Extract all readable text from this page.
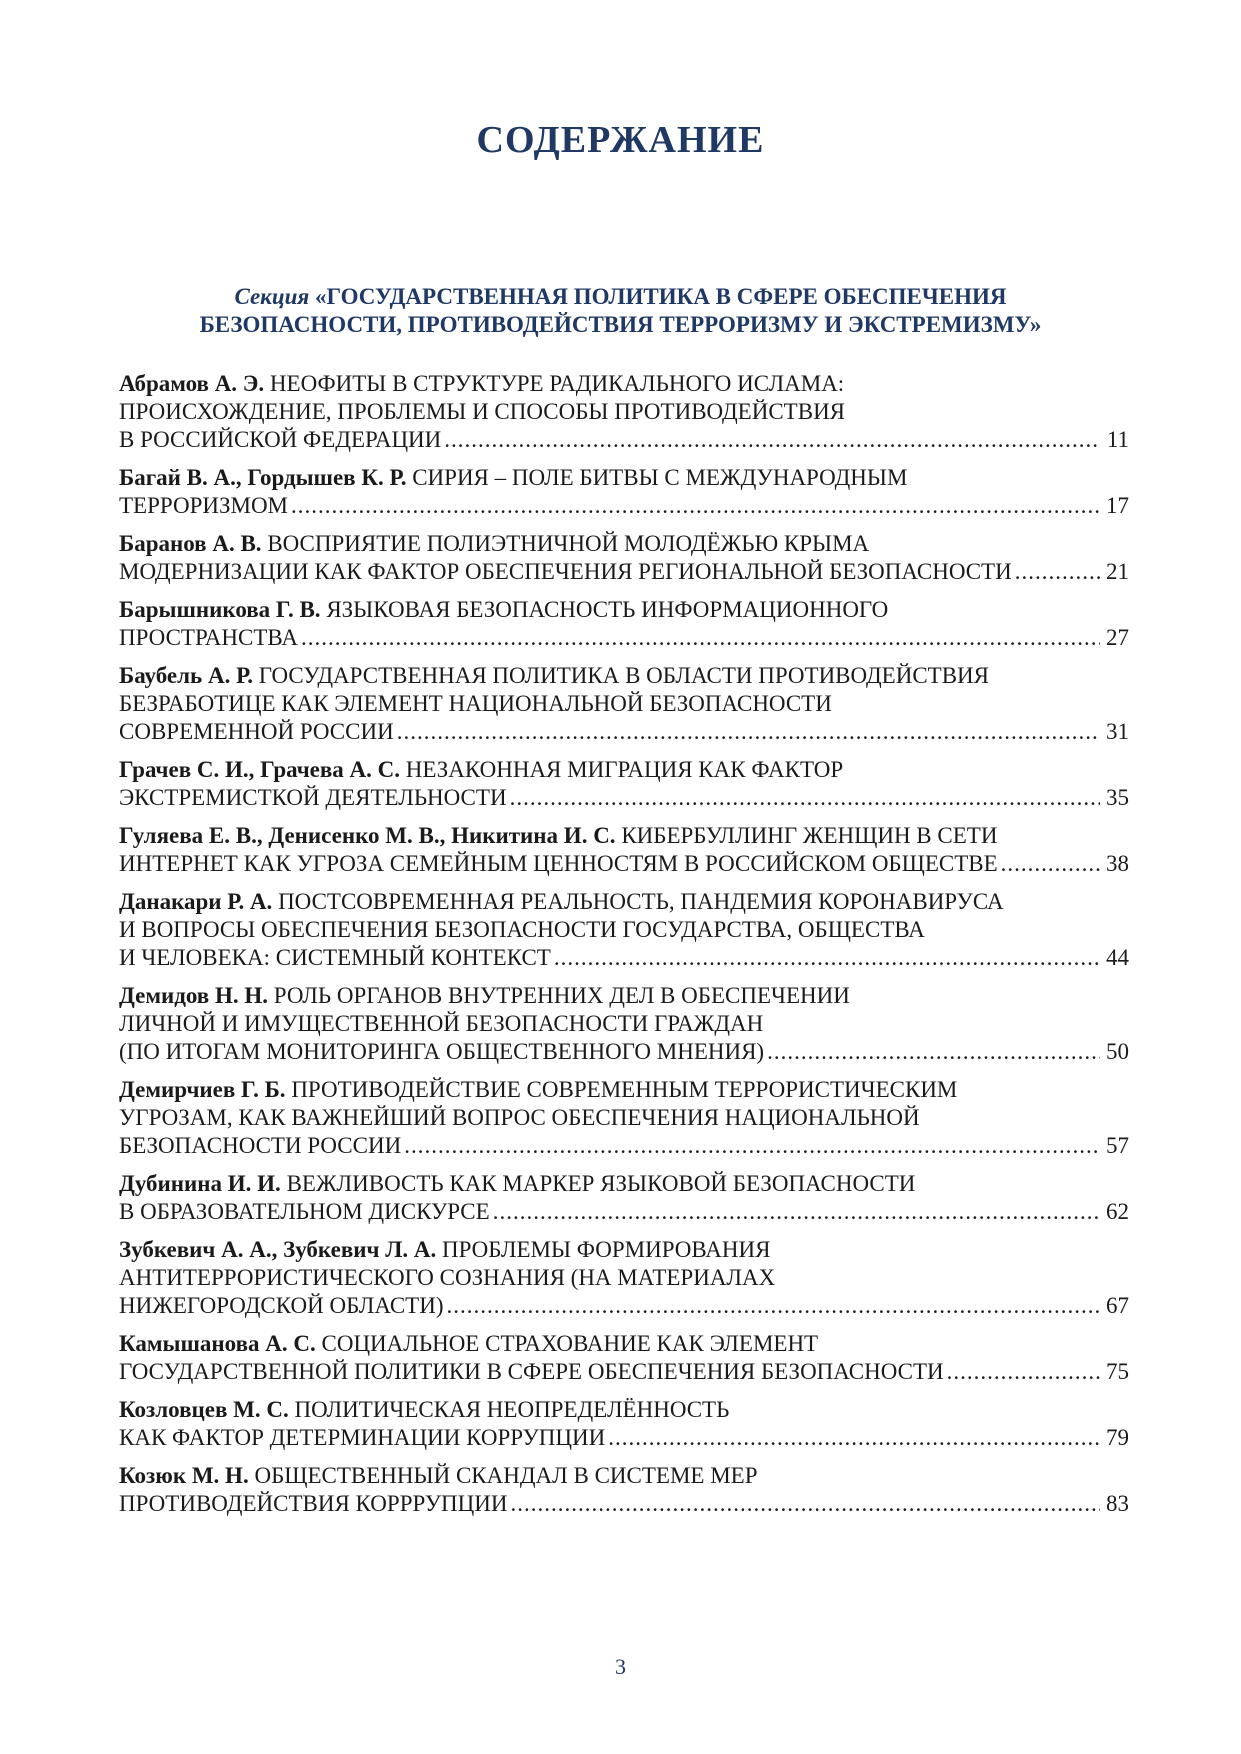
СОДЕРЖАНИЕ
Секция «ГОСУДАРСТВЕННАЯ ПОЛИТИКА В СФЕРЕ ОБЕСПЕЧЕНИЯ
БЕЗОПАСНОСТИ, ПРОТИВОДЕЙСТВИЯ ТЕРРОРИЗМУ И ЭКСТРЕМИЗМУ»
Абрамов А. Э. НЕОФИТЫ В СТРУКТУРЕ РАДИКАЛЬНОГО ИСЛАМА:
ПРОИСХОЖДЕНИЕ, ПРОБЛЕМЫ И СПОСОБЫ ПРОТИВОДЕЙСТВИЯ
В РОССИЙСКОЙ ФЕДЕРАЦИИ .....	11
Багай В. А., Гордышев К. Р. СИРИЯ – ПОЛЕ БИТВЫ С МЕЖДУНАРОДНЫМ
ТЕРРОРИЗМОМ .....	17
Баранов А. В. ВОСПРИЯТИЕ ПОЛИЭТНИЧНОЙ МОЛОДЁЖЬЮ КРЫМА
МОДЕРНИЗАЦИИ КАК ФАКТОР ОБЕСПЕЧЕНИЯ РЕГИОНАЛЬНОЙ БЕЗОПАСНОСТИ .....	21
Барышникова Г. В. ЯЗЫКОВАЯ БЕЗОПАСНОСТЬ ИНФОРМАЦИОННОГО
ПРОСТРАНСТВА .....	27
Баубель А. Р. ГОСУДАРСТВЕННАЯ ПОЛИТИКА В ОБЛАСТИ ПРОТИВОДЕЙСТВИЯ
БЕЗРАБОТИЦЕ КАК ЭЛЕМЕНТ НАЦИОНАЛЬНОЙ БЕЗОПАСНОСТИ
СОВРЕМЕННОЙ РОССИИ .....	31
Грачев С. И., Грачева А. С. НЕЗАКОННАЯ МИГРАЦИЯ КАК ФАКТОР
ЭКСТРЕМИСТКОЙ ДЕЯТЕЛЬНОСТИ .....	35
Гуляева Е. В., Денисенко М. В., Никитина И. С. КИБЕРБУЛЛИНГ ЖЕНЩИН В СЕТИ
ИНТЕРНЕТ КАК УГРОЗА СЕМЕЙНЫМ ЦЕННОСТЯМ В РОССИЙСКОМ ОБЩЕСТВЕ .....	38
Данакари Р. А. ПОСТСОВРЕМЕННАЯ РЕАЛЬНОСТЬ, ПАНДЕМИЯ КОРОНАВИРУСА
И ВОПРОСЫ ОБЕСПЕЧЕНИЯ БЕЗОПАСНОСТИ ГОСУДАРСТВА, ОБЩЕСТВА
И ЧЕЛОВЕКА: СИСТЕМНЫЙ КОНТЕКСТ .....	44
Демидов Н. Н. РОЛЬ ОРГАНОВ ВНУТРЕННИХ ДЕЛ В ОБЕСПЕЧЕНИИ
ЛИЧНОЙ И ИМУЩЕСТВЕННОЙ БЕЗОПАСНОСТИ ГРАЖДАН
(ПО ИТОГАМ МОНИТОРИНГА ОБЩЕСТВЕННОГО МНЕНИЯ) .....	50
Демирчиев Г. Б. ПРОТИВОДЕЙСТВИЕ СОВРЕМЕННЫМ ТЕРРОРИСТИЧЕСКИМ
УГРОЗАМ, КАК ВАЖНЕЙШИЙ ВОПРОС ОБЕСПЕЧЕНИЯ НАЦИОНАЛЬНОЙ
БЕЗОПАСНОСТИ РОССИИ .....	57
Дубинина И. И. ВЕЖЛИВОСТЬ КАК МАРКЕР ЯЗЫКОВОЙ БЕЗОПАСНОСТИ
В ОБРАЗОВАТЕЛЬНОМ ДИСКУРСЕ .....	62
Зубкевич А. А., Зубкевич Л. А. ПРОБЛЕМЫ ФОРМИРОВАНИЯ
АНТИТЕРРОРИСТИЧЕСКОГО СОЗНАНИЯ (НА МАТЕРИАЛАХ
НИЖЕГОРОДСКОЙ ОБЛАСТИ) .....	67
Камышанова А. С. СОЦИАЛЬНОЕ СТРАХОВАНИЕ КАК ЭЛЕМЕНТ
ГОСУДАРСТВЕННОЙ ПОЛИТИКИ В СФЕРЕ ОБЕСПЕЧЕНИЯ БЕЗОПАСНОСТИ .....	75
Козловцев М. С. ПОЛИТИЧЕСКАЯ НЕОПРЕДЕЛЁННОСТЬ
КАК ФАКТОР ДЕТЕРМИНАЦИИ КОРРУПЦИИ .....	79
Козюк М. Н. ОБЩЕСТВЕННЫЙ СКАНДАЛ В СИСТЕМЕ МЕР
ПРОТИВОДЕЙСТВИЯ КОРРРУПЦИИ .....	83
3
